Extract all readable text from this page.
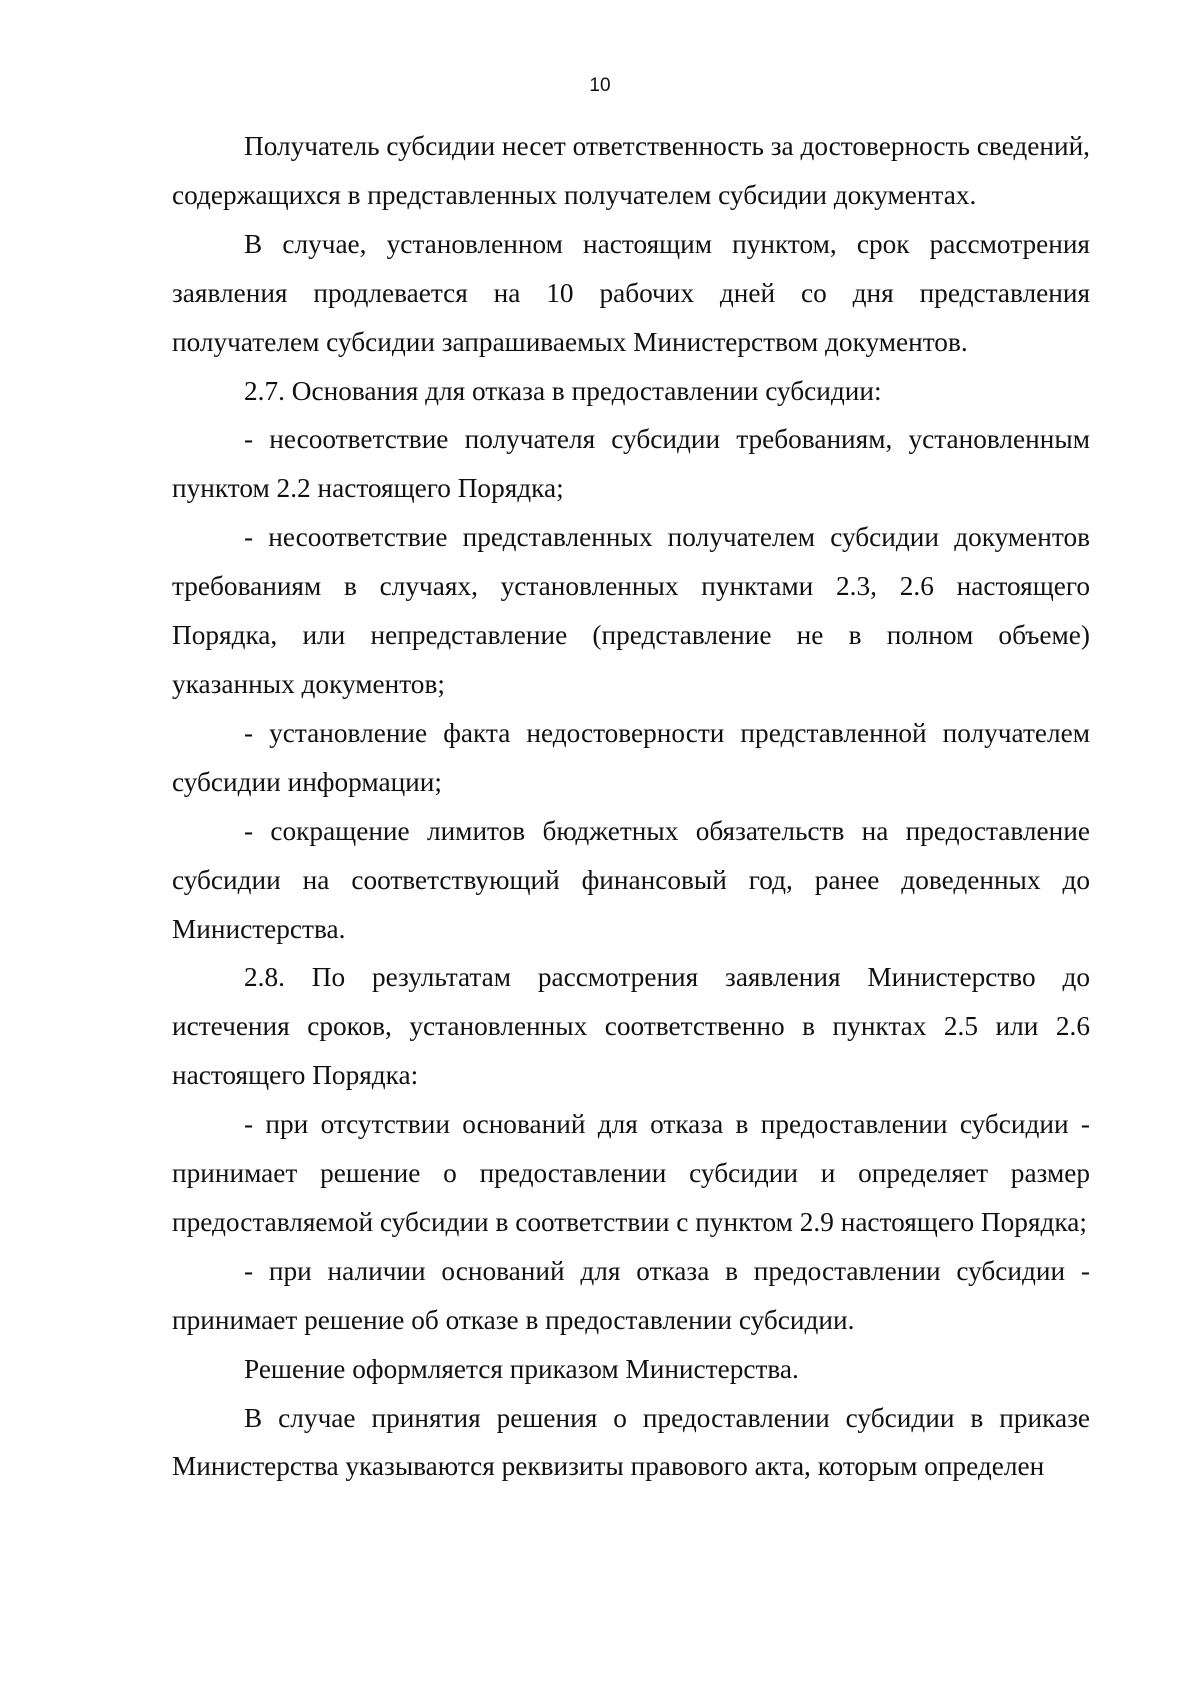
10

Получатель субсидии несет ответственность за достоверность сведений, содержащихся в представленных получателем субсидии документах.

В случае, установленном настоящим пунктом, срок рассмотрения заявления продлевается на 10 рабочих дней со дня представления получателем субсидии запрашиваемых Министерством документов.

2.7. Основания для отказа в предоставлении субсидии:

- несоответствие получателя субсидии требованиям, установленным пунктом 2.2 настоящего Порядка;

- несоответствие представленных получателем субсидии документов требованиям в случаях, установленных пунктами 2.3, 2.6 настоящего Порядка, или непредставление (представление не в полном объеме) указанных документов;

- установление факта недостоверности представленной получателем субсидии информации;

- сокращение лимитов бюджетных обязательств на предоставление субсидии на соответствующий финансовый год, ранее доведенных до Министерства.

2.8. По результатам рассмотрения заявления Министерство до истечения сроков, установленных соответственно в пунктах 2.5 или 2.6 настоящего Порядка:

- при отсутствии оснований для отказа в предоставлении субсидии - принимает решение о предоставлении субсидии и определяет размер предоставляемой субсидии в соответствии с пунктом 2.9 настоящего Порядка;

- при наличии оснований для отказа в предоставлении субсидии - принимает решение об отказе в предоставлении субсидии.

Решение оформляется приказом Министерства.

В случае принятия решения о предоставлении субсидии в приказе Министерства указываются реквизиты правового акта, которым определен
